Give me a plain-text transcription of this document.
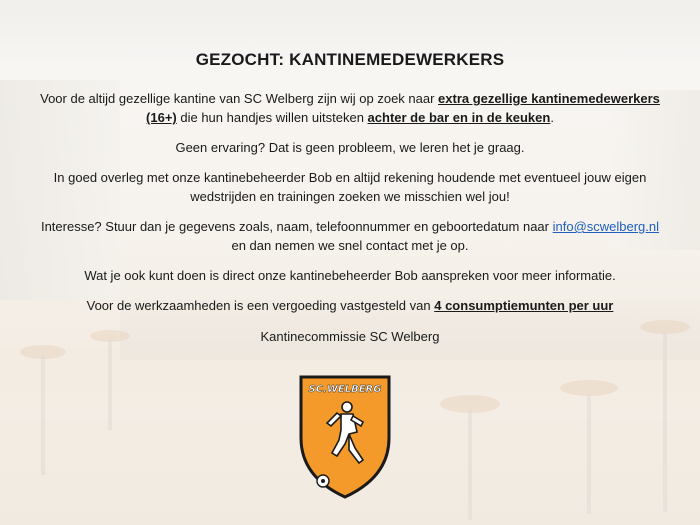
GEZOCHT: KANTINEMEDEWERKERS

Voor de altijd gezellige kantine van SC Welberg zijn wij op zoek naar extra gezellige kantinemedewerkers (16+) die hun handjes willen uitsteken achter de bar en in de keuken.

Geen ervaring? Dat is geen probleem, we leren het je graag.

In goed overleg met onze kantinebeheerder Bob en altijd rekening houdende met eventueel jouw eigen wedstrijden en trainingen zoeken we misschien wel jou!

Interesse? Stuur dan je gegevens zoals, naam, telefoonnummer en geboortedatum naar info@scwelberg.nl en dan nemen we snel contact met je op.

Wat je ook kunt doen is direct onze kantinebeheerder Bob aanspreken voor meer informatie.

Voor de werkzaamheden is een vergoeding vastgesteld van 4 consumptiemunten per uur

Kantinecommissie SC Welberg

SC.WELBERG
